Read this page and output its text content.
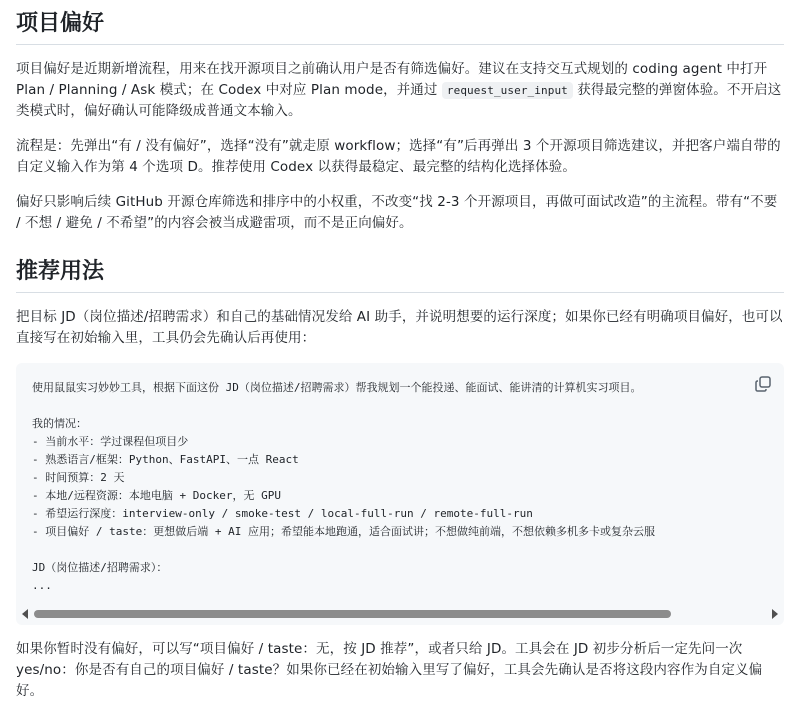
项目偏好

项目偏好是近期新增流程，用来在找开源项目之前确认用户是否有筛选偏好。建议在支持交互式规划的 coding agent 中打开 Plan / Planning / Ask 模式；在 Codex 中对应 Plan mode，并通过 request_user_input 获得最完整的弹窗体验。不开启这类模式时，偏好确认可能降级成普通文本输入。

流程是：先弹出“有 / 没有偏好”，选择“没有”就走原 workflow；选择“有”后再弹出 3 个开源项目筛选建议，并把客户端自带的自定义输入作为第 4 个选项 D。推荐使用 Codex 以获得最稳定、最完整的结构化选择体验。

偏好只影响后续 GitHub 开源仓库筛选和排序中的小权重，不改变“找 2-3 个开源项目，再做可面试改造”的主流程。带有“不要 / 不想 / 避免 / 不希望”的内容会被当成避雷项，而不是正向偏好。

推荐用法

把目标 JD（岗位描述/招聘需求）和自己的基础情况发给 AI 助手，并说明想要的运行深度；如果你已经有明确项目偏好，也可以直接写在初始输入里，工具仍会先确认后再使用：

使用鼠鼠实习妙妙工具，根据下面这份 JD（岗位描述/招聘需求）帮我规划一个能投递、能面试、能讲清的计算机实习项目。

我的情况：
- 当前水平：学过课程但项目少
- 熟悉语言/框架：Python、FastAPI、一点 React
- 时间预算：2 天
- 本地/远程资源：本地电脑 + Docker，无 GPU
- 希望运行深度：interview-only / smoke-test / local-full-run / remote-full-run
- 项目偏好 / taste：更想做后端 + AI 应用；希望能本地跑通，适合面试讲；不想做纯前端，不想依赖多机多卡或复杂云服

JD（岗位描述/招聘需求）：
...

如果你暂时没有偏好，可以写“项目偏好 / taste：无，按 JD 推荐”，或者只给 JD。工具会在 JD 初步分析后一定先问一次 yes/no：你是否有自己的项目偏好 / taste？如果你已经在初始输入里写了偏好，工具会先确认是否将这段内容作为自定义偏好。
